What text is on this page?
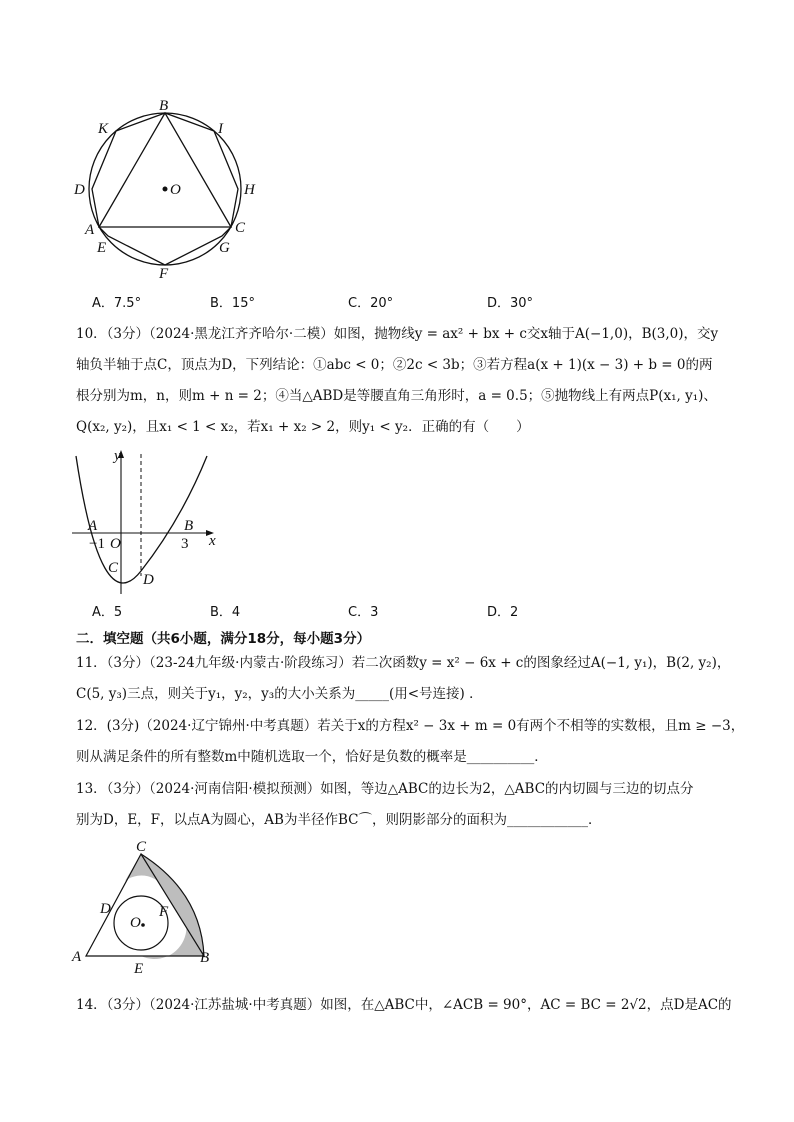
B
K	I
D	O	H
A	C
E	G
F
A．7.5°	B．15°	C．20°	D．30°
10．（3分）（2024·黑龙江齐齐哈尔·二模）如图，抛物线y = ax² + bx + c交x轴于A(−1,0)，B(3,0)，交y
轴负半轴于点C，顶点为D，下列结论：①abc < 0；②2c < 3b；③若方程a(x + 1)(x − 3) + b = 0的两
根分别为m，n，则m + n = 2；④当△ABD是等腰直角三角形时，a = 0.5；⑤抛物线上有两点P(x₁, y₁)、
Q(x₂, y₂)，且x₁ < 1 < x₂，若x₁ + x₂ > 2，则y₁ < y₂．正确的有（　　）
y
x
A	B
−1 O	3
C
D
A．5	B．4	C．3	D．2
二．填空题（共6小题，满分18分，每小题3分）
11．（3分）（23-24九年级·内蒙古·阶段练习）若二次函数y = x² − 6x + c的图象经过A(−1, y₁)，B(2, y₂)，
C(5, y₃)三点，则关于y₁，y₂，y₃的大小关系为_____(用<号连接) ．
12．(3分)（2024·辽宁锦州·中考真题）若关于x的方程x² − 3x + m = 0有两个不相等的实数根，且m ≥ −3，
则从满足条件的所有整数m中随机选取一个，恰好是负数的概率是__________．
13．（3分）（2024·河南信阳·模拟预测）如图，等边△ABC的边长为2，△ABC的内切圆与三边的切点分
别为D，E，F，以点A为圆心，AB为半径作BC⌒，则阴影部分的面积为____________．
C
D
O
F
A
E
B
14．（3分）（2024·江苏盐城·中考真题）如图，在△ABC中，∠ACB = 90°，AC = BC = 2√2，点D是AC的
